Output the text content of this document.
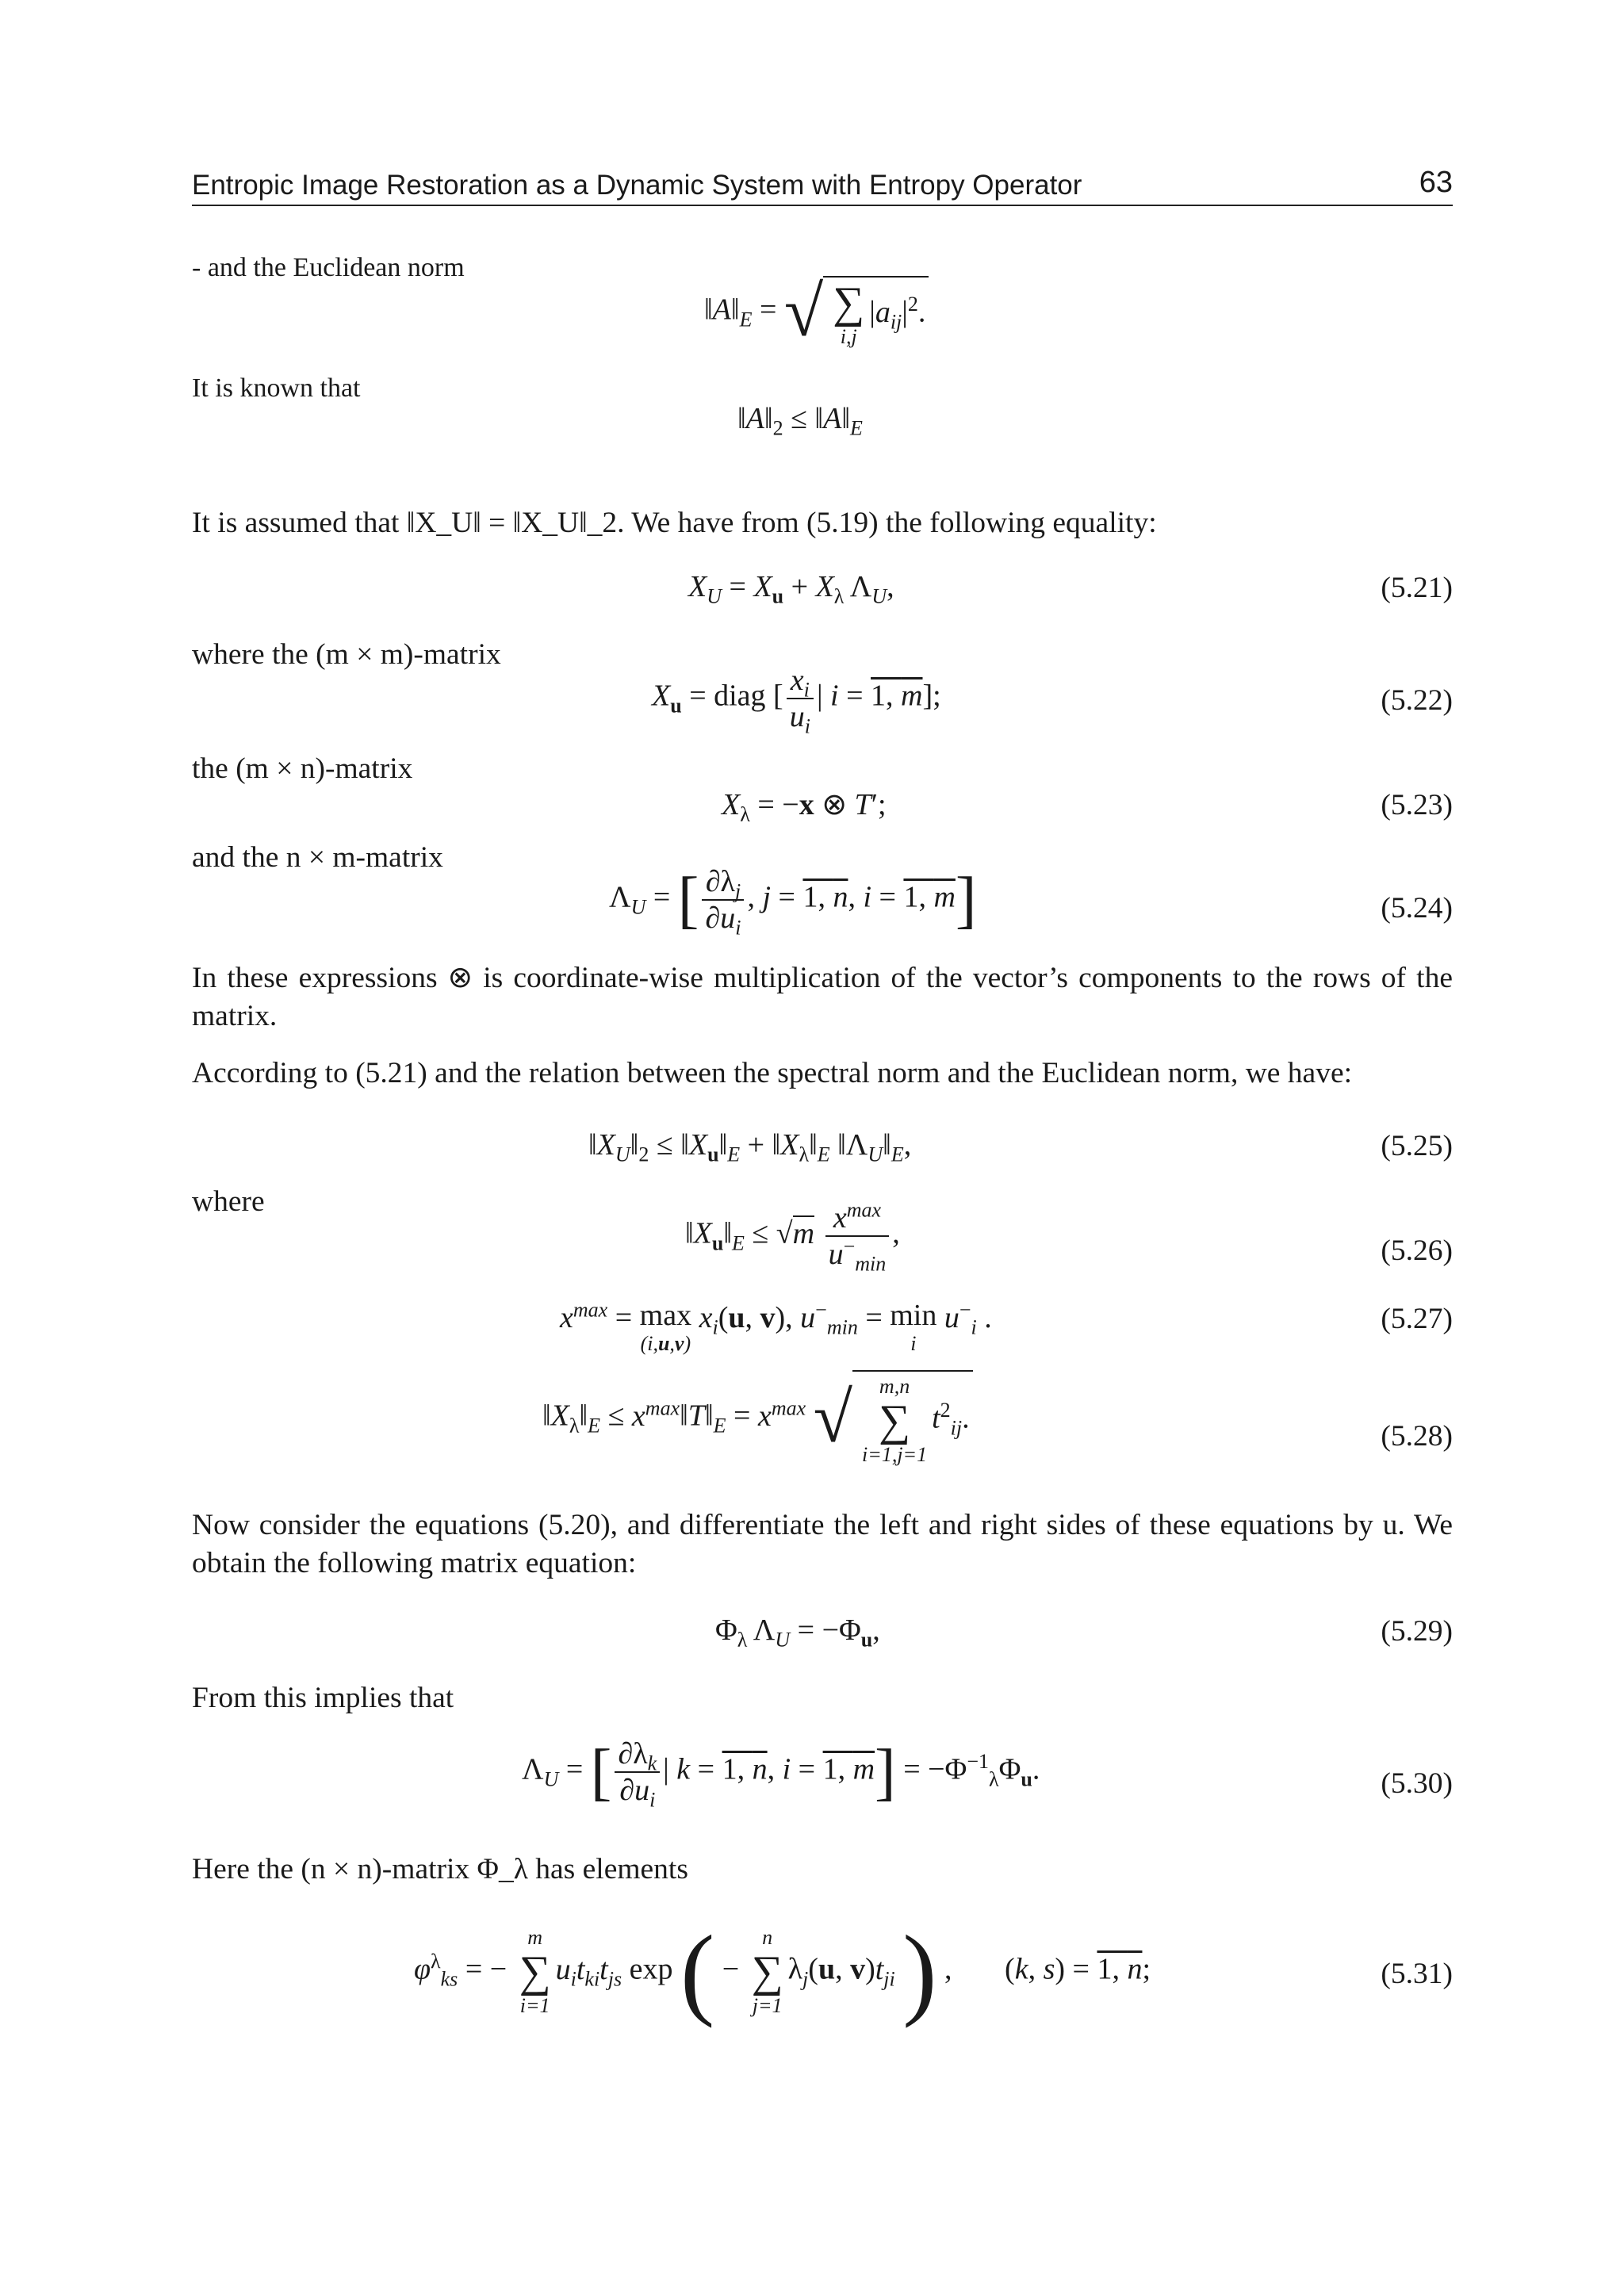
Entropic Image Restoration as a Dynamic System with Entropy Operator	63
- and the Euclidean norm
$‖A‖_E$ = √ ∑
i,j
$|a_{ij}|^2$.
It is known that
$‖A‖_2$ ≤ $‖A‖_E$
It is assumed that ‖X_U‖ = ‖X_U‖_2. We have from (5.19) the following equality:
$X_U = X_u + X_\lambda$ $\Lambda_U$,	(5.21)
where the (m × m)-matrix
$X_u$ = diag [ $\frac{x_i}{u_i}$ | i = 1, m];	(5.22)
the (m × n)-matrix
$X_\lambda = -x$ ⊗ T′;	(5.23)
and the n × m-matrix
$\Lambda_U$ = [ $\frac{\partial\lambda_j}{\partial u_i}$ , j = 1, n, i = 1, m]	(5.24)
In these expressions ⊗ is coordinate-wise multiplication of the vector’s components to the rows of the matrix.
According to (5.21) and the relation between the spectral norm and the Euclidean norm, we have:
$‖X_U‖_2$ ≤ $‖X_u‖_E$ + $‖X_\lambda‖_E$ $‖\Lambda_U‖_E$,	(5.25)
where
$‖X_u‖_E \le √m \frac{x^{max}}{u^-_{min}}$ ,
(5.26)
$x^{max} = \max$
(i,u,v)
$x_i(u$, v), $u^-_{min} = \min$
i
$u^-_i$ .	(5.27)
$‖X_\lambda‖_E$ ≤ $x^{max}‖T‖_E = x^{max}$ √	m,n
∑
i=1,j=1
$t^2_{ij}$.
(5.28)
Now consider the equations (5.20), and differentiate the left and right sides of these equations by u. We obtain the following matrix equation:
$\Phi_\lambda$ $\Lambda_U = -\Phi_u$,	(5.29)
From this implies that
$\Lambda_U$ = [ $\frac{\partial\lambda_k}{\partial u_i}$ | k = 1, n, i = 1, $m] = -\Phi^{-1}_\lambda\Phi_u$.	(5.30)
Here the (n × n)-matrix Φ_λ has elements
$\varphi^\lambda_{ks}$ = −
m
∑
i=1
$u_it_{ki}t_{js}$ exp ( −
n
∑
j=1
$\lambda_j(u$, $v)t_{ji}$ ) ,       (k, s) = 1, n;	(5.31)
